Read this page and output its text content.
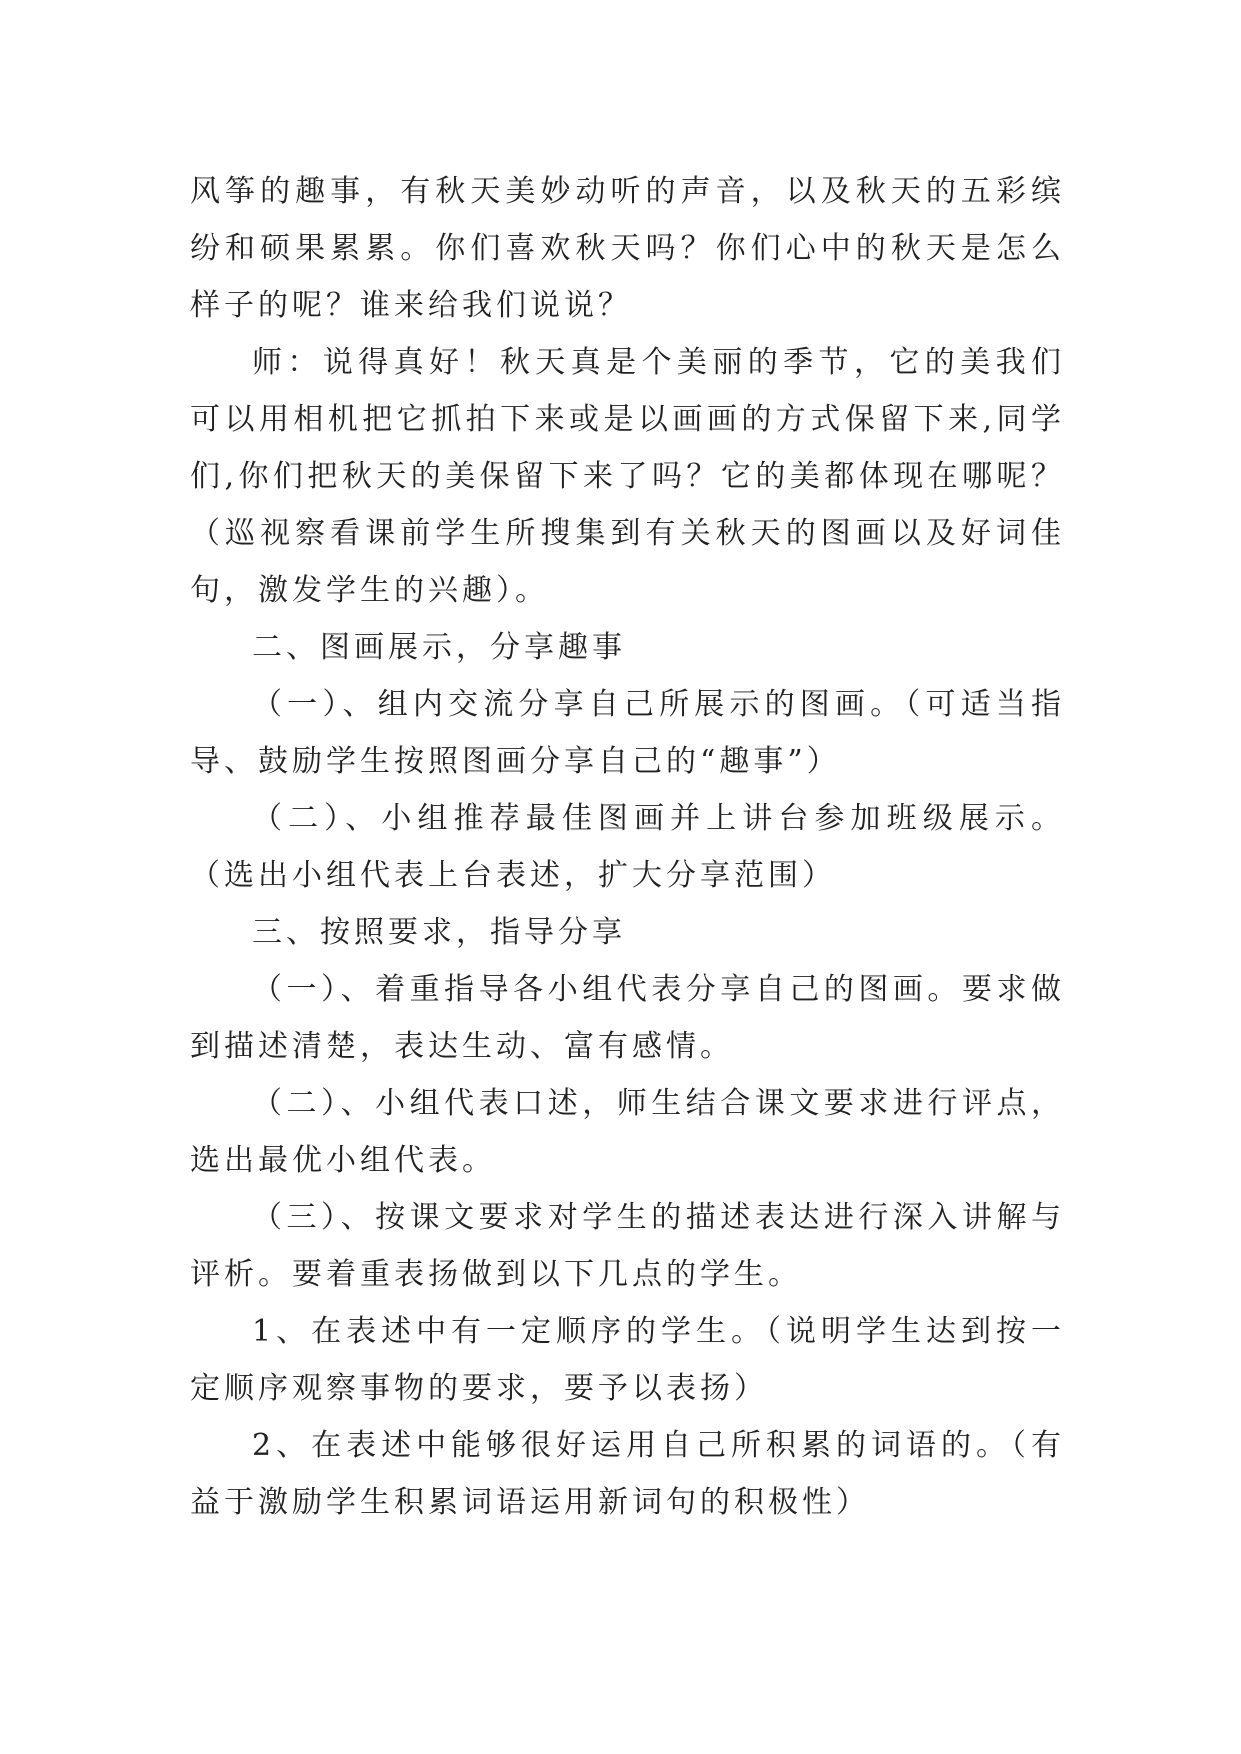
风筝的趣事，有秋天美妙动听的声音，以及秋天的五彩缤纷和硕果累累。你们喜欢秋天吗？你们心中的秋天是怎么样子的呢？谁来给我们说说？

师：说得真好！秋天真是个美丽的季节，它的美我们可以用相机把它抓拍下来或是以画画的方式保留下来,同学们,你们把秋天的美保留下来了吗？它的美都体现在哪呢？（巡视察看课前学生所搜集到有关秋天的图画以及好词佳句，激发学生的兴趣）。

二、图画展示，分享趣事

（一）、组内交流分享自己所展示的图画。（可适当指导、鼓励学生按照图画分享自己的“趣事”）

（二）、小组推荐最佳图画并上讲台参加班级展示。（选出小组代表上台表述，扩大分享范围）

三、按照要求，指导分享

（一）、着重指导各小组代表分享自己的图画。要求做到描述清楚，表达生动、富有感情。

（二）、小组代表口述，师生结合课文要求进行评点，选出最优小组代表。

（三）、按课文要求对学生的描述表达进行深入讲解与评析。要着重表扬做到以下几点的学生。

1、在表述中有一定顺序的学生。（说明学生达到按一定顺序观察事物的要求，要予以表扬）

2、在表述中能够很好运用自己所积累的词语的。（有益于激励学生积累词语运用新词句的积极性）
